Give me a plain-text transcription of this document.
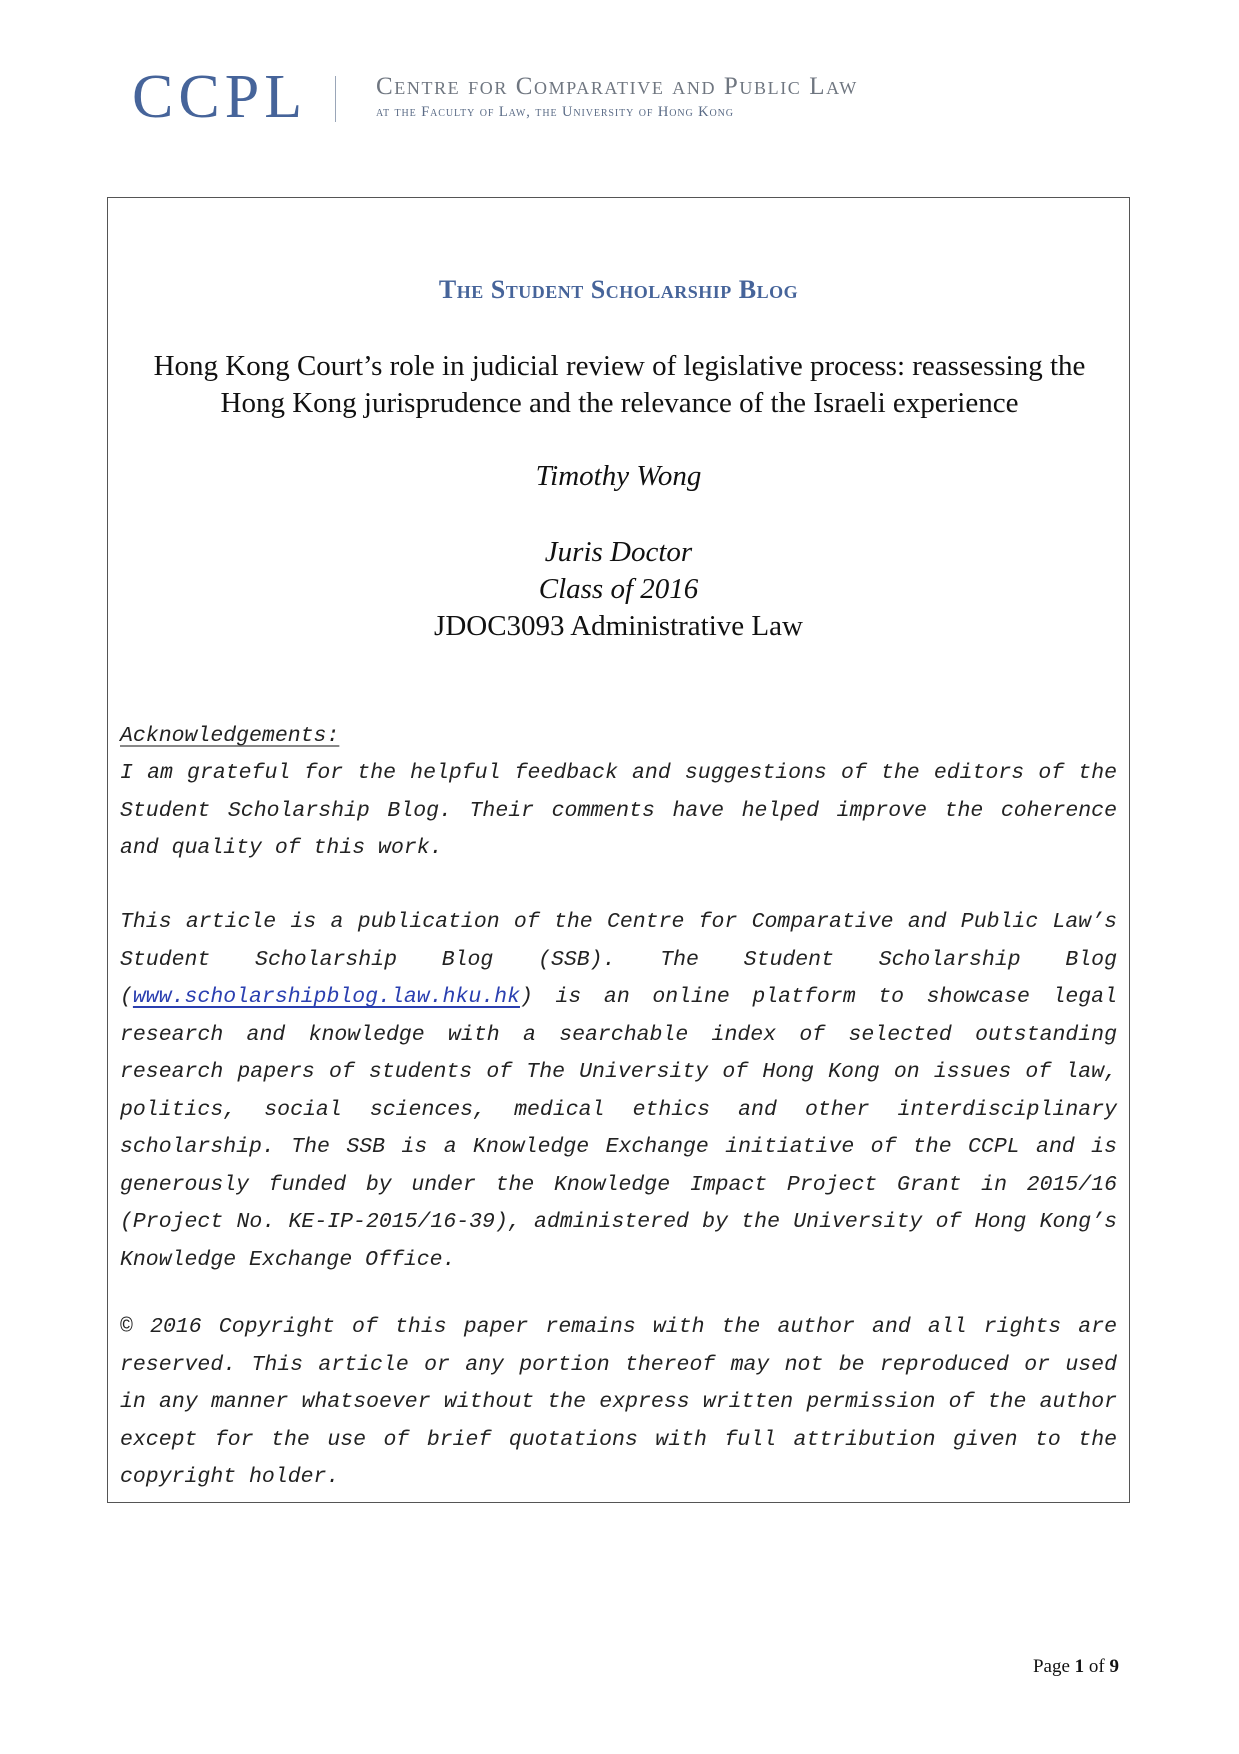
CCPL	Centre for Comparative and Public Law
at the Faculty of Law, the University of Hong Kong
The Student Scholarship Blog
Hong Kong Court’s role in judicial review of legislative process: reassessing the Hong Kong jurisprudence and the relevance of the Israeli experience
Timothy Wong
Juris Doctor
Class of 2016
JDOC3093 Administrative Law
Acknowledgements:
I am grateful for the helpful feedback and suggestions of the editors of the Student Scholarship Blog. Their comments have helped improve the coherence and quality of this work.
This article is a publication of the Centre for Comparative and Public Law’s Student Scholarship Blog (SSB). The Student Scholarship Blog (www.scholarshipblog.law.hku.hk) is an online platform to showcase legal research and knowledge with a searchable index of selected outstanding research papers of students of The University of Hong Kong on issues of law, politics, social sciences, medical ethics and other interdisciplinary scholarship. The SSB is a Knowledge Exchange initiative of the CCPL and is generously funded by under the Knowledge Impact Project Grant in 2015/16 (Project No. KE-IP-2015/16-39), administered by the University of Hong Kong’s Knowledge Exchange Office.
© 2016 Copyright of this paper remains with the author and all rights are reserved. This article or any portion thereof may not be reproduced or used in any manner whatsoever without the express written permission of the author except for the use of brief quotations with full attribution given to the copyright holder.
Page 1 of 9
